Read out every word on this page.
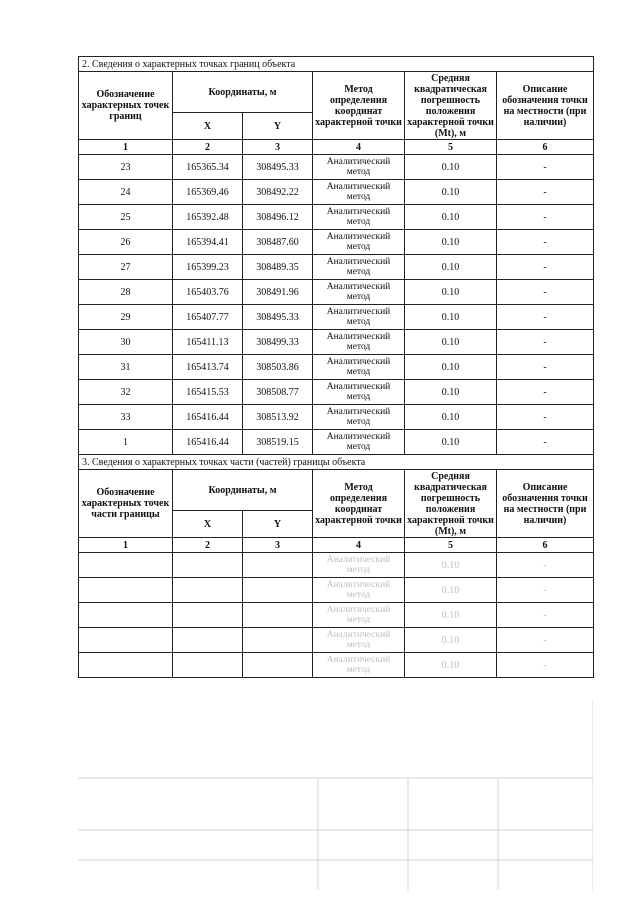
2. Сведения о характерных точках границ объекта					
Обозначение характерных точек границ	Координаты, м		Метод определения координат характерной точки	Средняя квадратическая погрешность положения характерной точки (Mt), м	Описание обозначения точки на местности (при наличии)
	X	Y			
1	2	3	4	5	6
23	165365.34	308495.33	Аналитический метод	0.10	-
24	165369.46	308492.22	Аналитический метод	0.10	-
25	165392.48	308496.12	Аналитический метод	0.10	-
26	165394.41	308487.60	Аналитический метод	0.10	-
27	165399.23	308489.35	Аналитический метод	0.10	-
28	165403.76	308491.96	Аналитический метод	0.10	-
29	165407.77	308495.33	Аналитический метод	0.10	-
30	165411.13	308499.33	Аналитический метод	0.10	-
31	165413.74	308503.86	Аналитический метод	0.10	-
32	165415.53	308508.77	Аналитический метод	0.10	-
33	165416.44	308513.92	Аналитический метод	0.10	-
1	165416.44	308519.15	Аналитический метод	0.10	-
3. Сведения о характерных точках части (частей) границы объекта					
Обозначение характерных точек части границы	Координаты, м		Метод определения координат характерной точки	Средняя квадратическая погрешность положения характерной точки (Mt), м	Описание обозначения точки на местности (при наличии)
	X	Y			
1	2	3	4	5	6
			Аналитический метод	0.10	-
			Аналитический метод	0.10	-
			Аналитический метод	0.10	-
			Аналитический метод	0.10	-
			Аналитический метод	0.10	-
